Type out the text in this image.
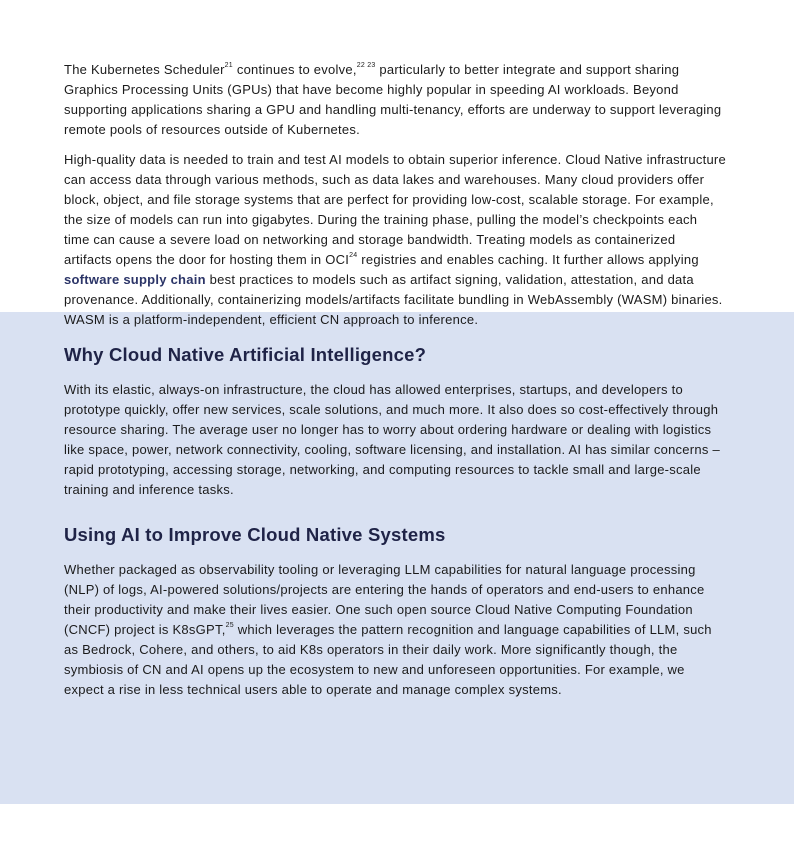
The Kubernetes Scheduler$^{21}$ continues to evolve,$^{22 23}$ particularly to better integrate and support sharing Graphics Processing Units (GPUs) that have become highly popular in speeding AI workloads. Beyond supporting applications sharing a GPU and handling multi-tenancy, efforts are underway to support leveraging remote pools of resources outside of Kubernetes.

High-quality data is needed to train and test AI models to obtain superior inference. Cloud Native infrastructure can access data through various methods, such as data lakes and warehouses. Many cloud providers offer block, object, and file storage systems that are perfect for providing low-cost, scalable storage. For example, the size of models can run into gigabytes. During the training phase, pulling the model’s checkpoints each time can cause a severe load on networking and storage bandwidth. Treating models as containerized artifacts opens the door for hosting them in OCI$^{24}$ registries and enables caching. It further allows applying software supply chain best practices to models such as artifact signing, validation, attestation, and data provenance. Additionally, containerizing models/artifacts facilitate bundling in WebAssembly (WASM) binaries. WASM is a platform-independent, efficient CN approach to inference.

Why Cloud Native Artificial Intelligence?

With its elastic, always-on infrastructure, the cloud has allowed enterprises, startups, and developers to prototype quickly, offer new services, scale solutions, and much more. It also does so cost-effectively through resource sharing. The average user no longer has to worry about ordering hardware or dealing with logistics like space, power, network connectivity, cooling, software licensing, and installation. AI has similar concerns – rapid prototyping, accessing storage, networking, and computing resources to tackle small and large-scale training and inference tasks.

Using AI to Improve Cloud Native Systems

Whether packaged as observability tooling or leveraging LLM capabilities for natural language processing (NLP) of logs, AI-powered solutions/projects are entering the hands of operators and end-users to enhance their productivity and make their lives easier. One such open source Cloud Native Computing Foundation (CNCF) project is K8sGPT,$^{25}$ which leverages the pattern recognition and language capabilities of LLM, such as Bedrock, Cohere, and others, to aid K8s operators in their daily work. More significantly though, the symbiosis of CN and AI opens up the ecosystem to new and unforeseen opportunities. For example, we expect a rise in less technical users able to operate and manage complex systems.
